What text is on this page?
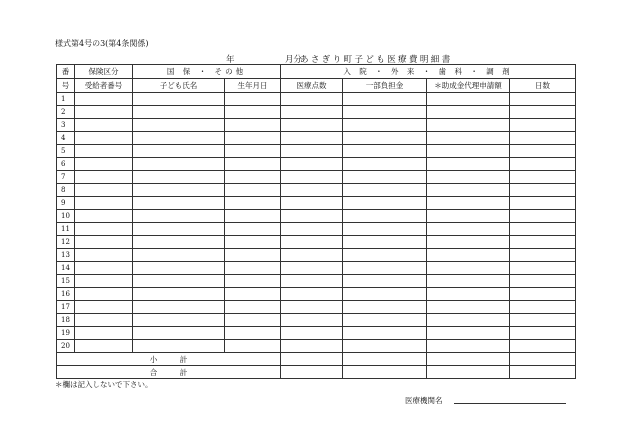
様式第4号の3(第4条関係)
年	月分
あさぎり町子ども医療費明細書
番	保険区分	国 保 ・ その他		入 院 ・ 外 来 ・ 歯 科 ・ 調 剤			
号	受給者番号	子ども氏名	生年月日	医療点数	一部負担金	＊助成金代理申請額	日数
1							
2							
3							
4							
5							
6							
7							
8							
9							
10							
11							
12							
13							
14							
15							
16							
17							
18							
19							
20							
小　　　計							
合　　　計							
＊欄は記入しないで下さい。
医療機関名
